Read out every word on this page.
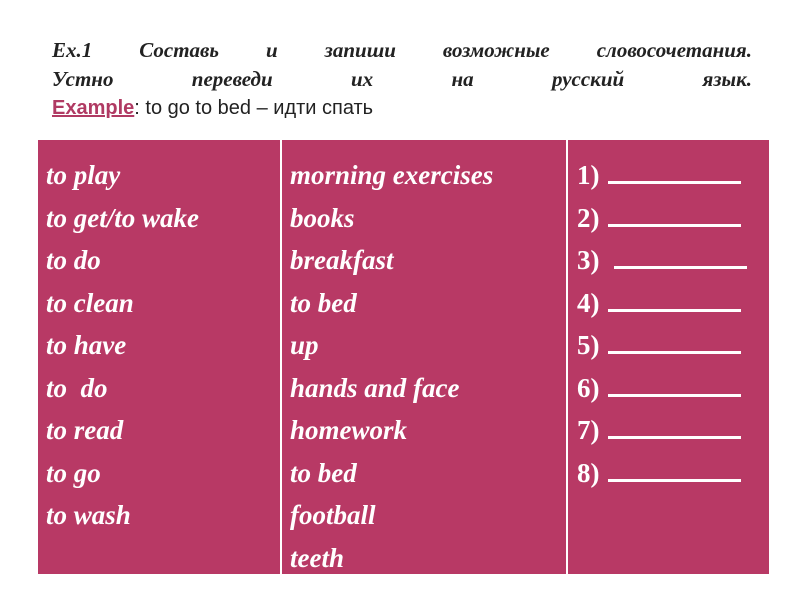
Ex.1 Составь и запиши возможные словосочетания.
Устно переведи их на русский язык.
Example: to go to bed – идти спать
to play
to get/to wake
to do
to clean
to have
to  do
to read
to go
to wash
morning exercises
books
breakfast
to bed
up
hands and face
homework
to bed
football
teeth
1)
2)
3)
4)
5)
6)
7)
8)
